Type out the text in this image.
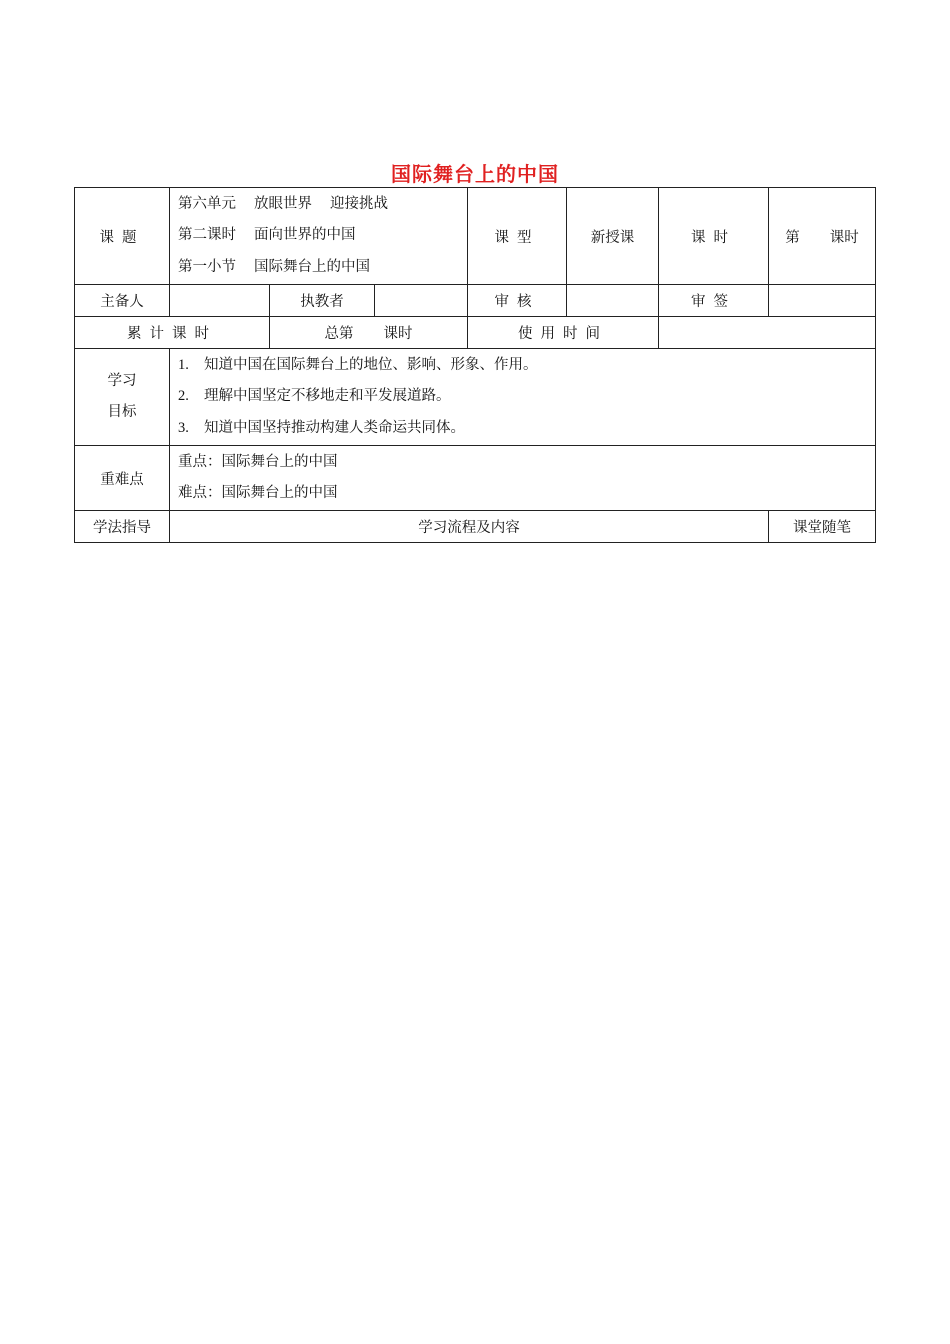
国际舞台上的中国
课题	第六单元 放眼世界 迎接挑战
第二课时 面向世界的中国
第一小节 国际舞台上的中国			课型	新授课	课时	第 课时
主备人		执教者		审核		审签	
累计课时		总第 课时		使用时间			

学习
目标	1. 知道中国在国际舞台上的地位、影响、形象、作用。
2. 理解中国坚定不移地走和平发展道路。
3. 知道中国坚持推动构建人类命运共同体。						

重难点	重点：国际舞台上的中国
难点：国际舞台上的中国						

学法指导	学习流程及内容						课堂随笔
